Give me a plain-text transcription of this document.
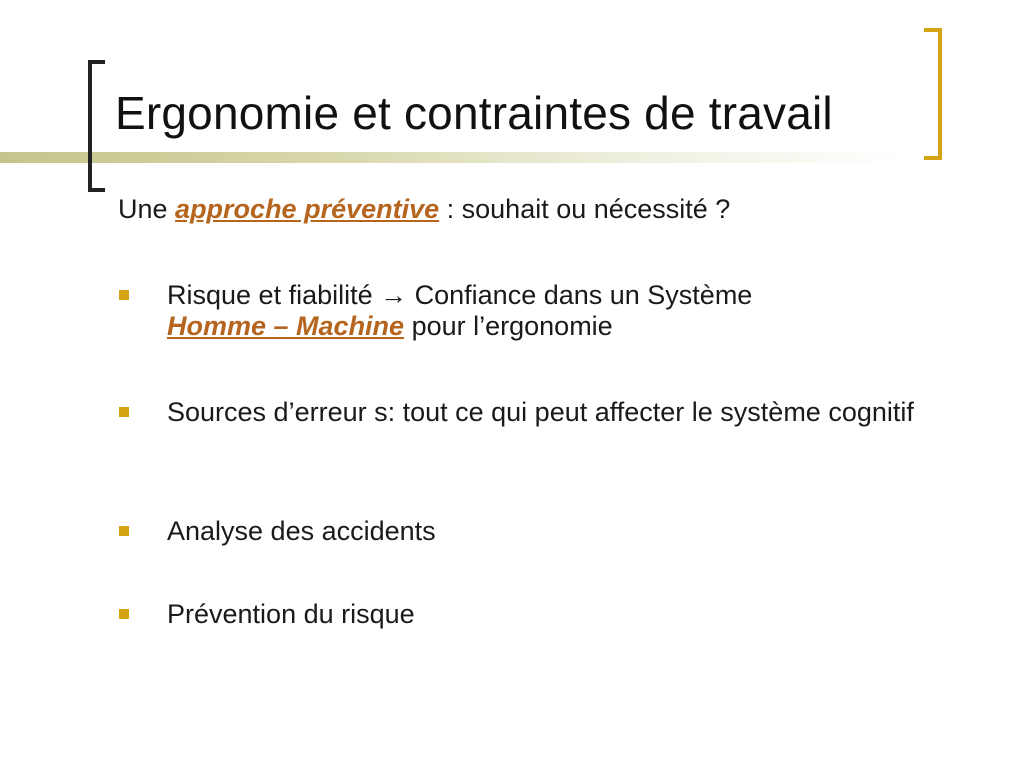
Ergonomie et contraintes de travail
Une approche préventive : souhait ou nécessité ?
Risque et fiabilité → Confiance dans un Système
Homme – Machine pour l’ergonomie
Sources d’erreur s: tout ce qui peut affecter le système cognitif
Analyse des accidents
Prévention du risque
